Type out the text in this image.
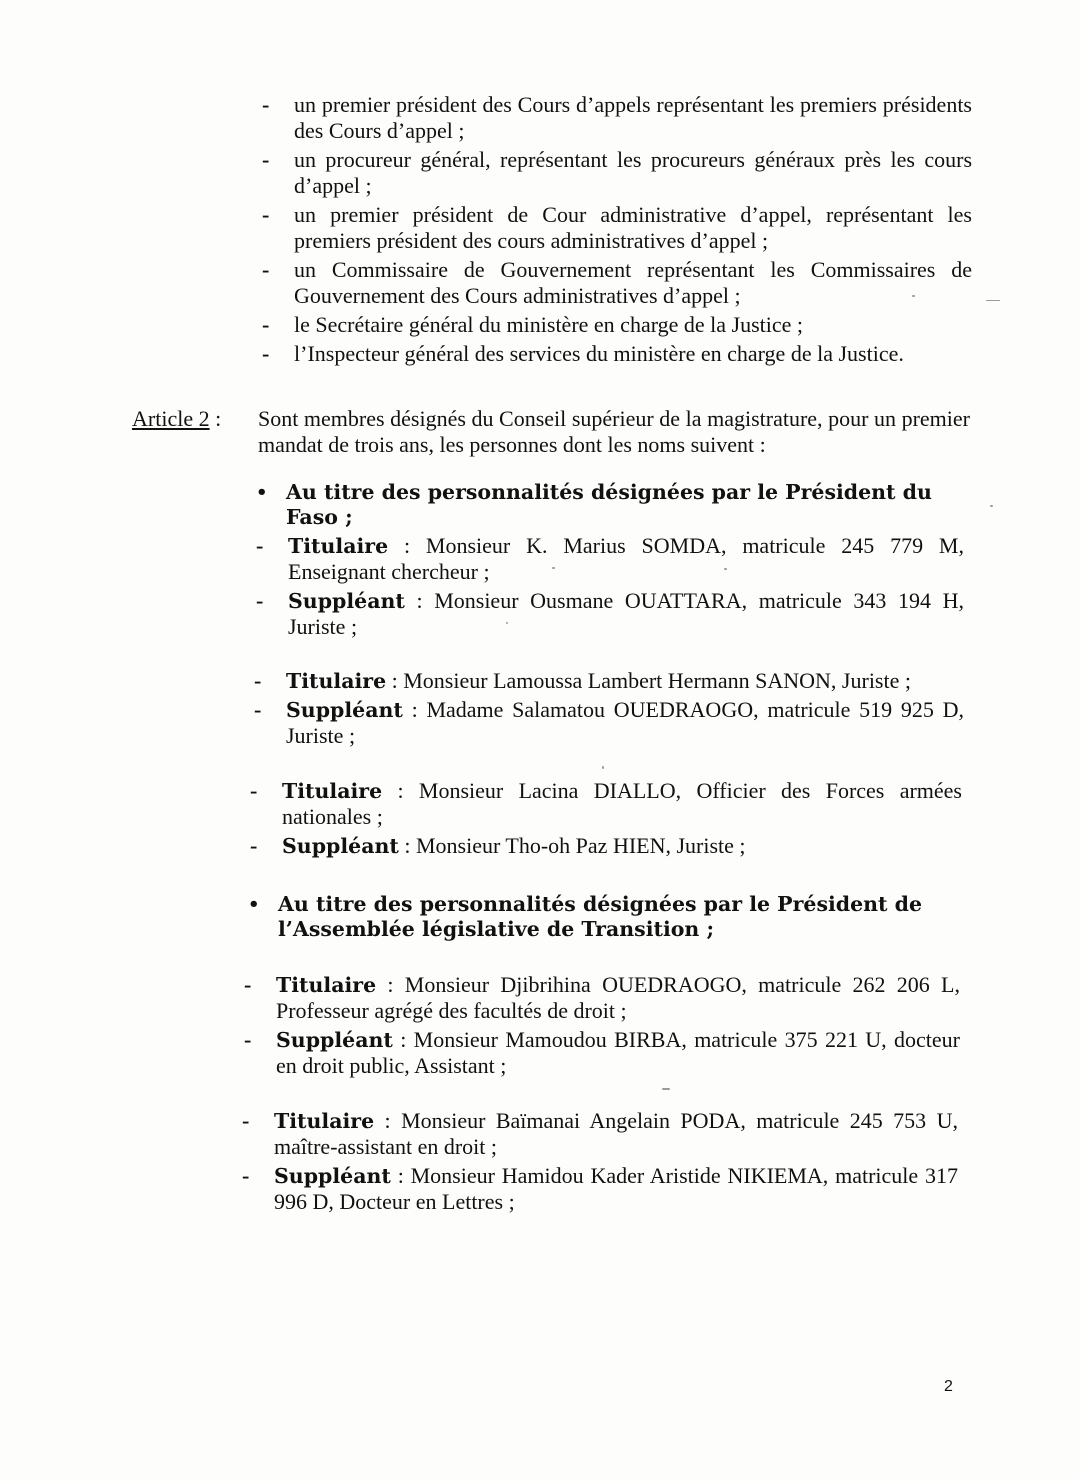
-	un premier président des Cours d’appels représentant les premiers présidents des Cours d’appel ;
-	un procureur général, représentant les procureurs généraux près les cours d’appel ;
-	un premier président de Cour administrative d’appel, représentant les premiers président des cours administratives d’appel ;
-	un Commissaire de Gouvernement représentant les Commissaires de Gouvernement des Cours administratives d’appel ;
-	le Secrétaire général du ministère en charge de la Justice ;
-	l’Inspecteur général des services du ministère en charge de la Justice.
Article 2 : Sont membres désignés du Conseil supérieur de la magistrature, pour un premier mandat de trois ans, les personnes dont les noms suivent :
• Au titre des personnalités désignées par le Président du Faso ;
-	Titulaire : Monsieur K. Marius SOMDA, matricule 245 779 M, Enseignant chercheur ;
-	Suppléant : Monsieur Ousmane OUATTARA, matricule 343 194 H, Juriste ;
-	Titulaire : Monsieur Lamoussa Lambert Hermann SANON, Juriste ;
-	Suppléant : Madame Salamatou OUEDRAOGO, matricule 519 925 D, Juriste ;
-	Titulaire : Monsieur Lacina DIALLO, Officier des Forces armées nationales ;
-	Suppléant : Monsieur Tho-oh Paz HIEN, Juriste ;
• Au titre des personnalités désignées par le Président de l’Assemblée législative de Transition ;
-	Titulaire : Monsieur Djibrihina OUEDRAOGO, matricule 262 206 L, Professeur agrégé des facultés de droit ;
-	Suppléant : Monsieur Mamoudou BIRBA, matricule 375 221 U, docteur en droit public, Assistant ;
-	Titulaire : Monsieur Baïmanai Angelain PODA, matricule 245 753 U, maître-assistant en droit ;
-	Suppléant : Monsieur Hamidou Kader Aristide NIKIEMA, matricule 317 996 D, Docteur en Lettres ;
2
